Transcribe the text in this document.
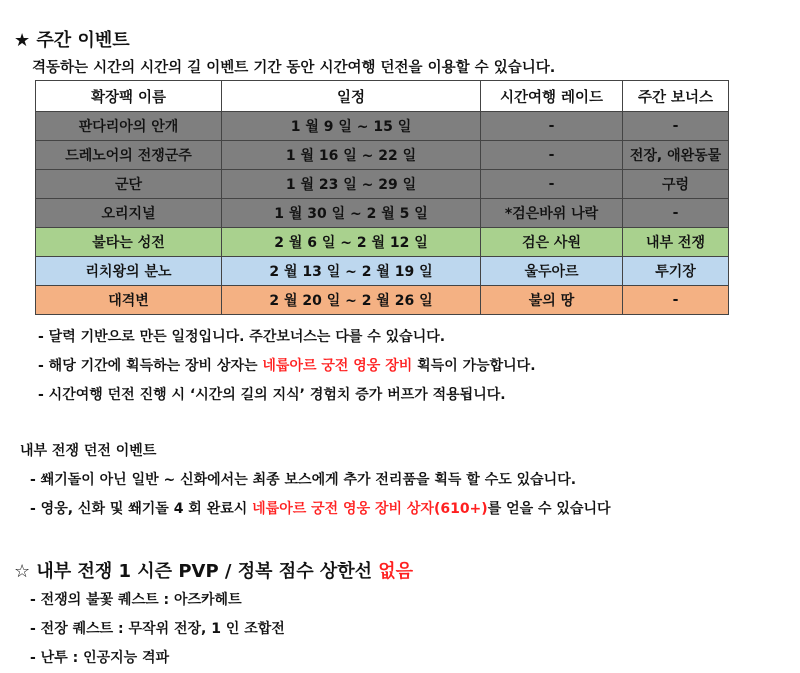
★ 주간 이벤트
격동하는 시간의 시간의 길 이벤트 기간 동안 시간여행 던전을 이용할 수 있습니다.
확장팩 이름	일정	시간여행 레이드	주간 보너스
판다리아의 안개	1 월 9 일 ~ 15 일	-	-
드레노어의 전쟁군주	1 월 16 일 ~ 22 일	-	전장, 애완동물
군단	1 월 23 일 ~ 29 일	-	구렁
오리지널	1 월 30 일 ~ 2 월 5 일	*검은바위 나락	-
불타는 성전	2 월 6 일 ~ 2 월 12 일	검은 사원	내부 전쟁
리치왕의 분노	2 월 13 일 ~ 2 월 19 일	울두아르	투기장
대격변	2 월 20 일 ~ 2 월 26 일	불의 땅	-
- 달력 기반으로 만든 일정입니다. 주간보너스는 다를 수 있습니다.
- 해당 기간에 획득하는 장비 상자는 네룹아르 궁전 영웅 장비 획득이 가능합니다.
- 시간여행 던전 진행 시 ‘시간의 길의 지식’ 경험치 증가 버프가 적용됩니다.
내부 전쟁 던전 이벤트
- 쐐기돌이 아닌 일반 ~ 신화에서는 최종 보스에게 추가 전리품을 획득 할 수도 있습니다.
- 영웅, 신화 및 쐐기돌 4 회 완료시 네룹아르 궁전 영웅 장비 상자(610+)를 얻을 수 있습니다
☆ 내부 전쟁 1 시즌 PVP / 정복 점수 상한선 없음
- 전쟁의 불꽃 퀘스트 : 아즈카헤트
- 전장 퀘스트 : 무작위 전장, 1 인 조합전
- 난투 : 인공지능 격파
